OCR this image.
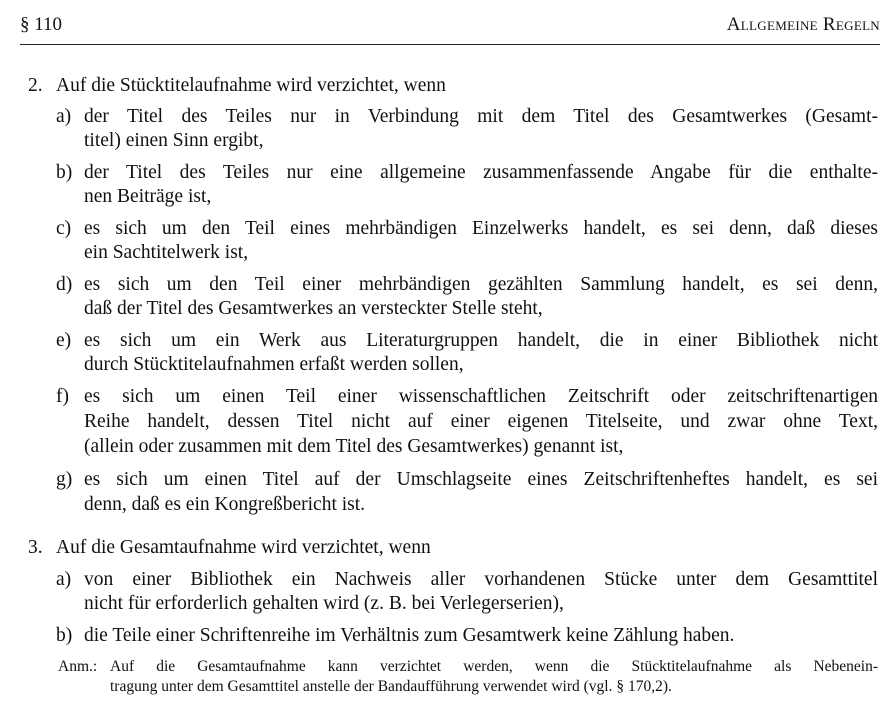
§ 110	Allgemeine Regeln
2. Auf die Stücktitelaufnahme wird verzichtet, wenn
a) der Titel des Teiles nur in Verbindung mit dem Titel des Gesamtwerkes (Gesamt-
titel) einen Sinn ergibt,
b) der Titel des Teiles nur eine allgemeine zusammenfassende Angabe für die enthalte-
nen Beiträge ist,
c) es sich um den Teil eines mehrbändigen Einzelwerks handelt, es sei denn, daß dieses
ein Sachtitelwerk ist,
d) es sich um den Teil einer mehrbändigen gezählten Sammlung handelt, es sei denn,
daß der Titel des Gesamtwerkes an versteckter Stelle steht,
e) es sich um ein Werk aus Literaturgruppen handelt, die in einer Bibliothek nicht
durch Stücktitelaufnahmen erfaßt werden sollen,
f) es sich um einen Teil einer wissenschaftlichen Zeitschrift oder zeitschriftenartigen
Reihe handelt, dessen Titel nicht auf einer eigenen Titelseite, und zwar ohne Text,
(allein oder zusammen mit dem Titel des Gesamtwerkes) genannt ist,
g) es sich um einen Titel auf der Umschlagseite eines Zeitschriftenheftes handelt, es sei
denn, daß es ein Kongreßbericht ist.
3. Auf die Gesamtaufnahme wird verzichtet, wenn
a) von einer Bibliothek ein Nachweis aller vorhandenen Stücke unter dem Gesamttitel
nicht für erforderlich gehalten wird (z. B. bei Verlegerserien),
b) die Teile einer Schriftenreihe im Verhältnis zum Gesamtwerk keine Zählung haben.
Anm.: Auf die Gesamtaufnahme kann verzichtet werden, wenn die Stücktitelaufnahme als Nebenein-
tragung unter dem Gesamttitel anstelle der Bandaufführung verwendet wird (vgl. § 170,2).
